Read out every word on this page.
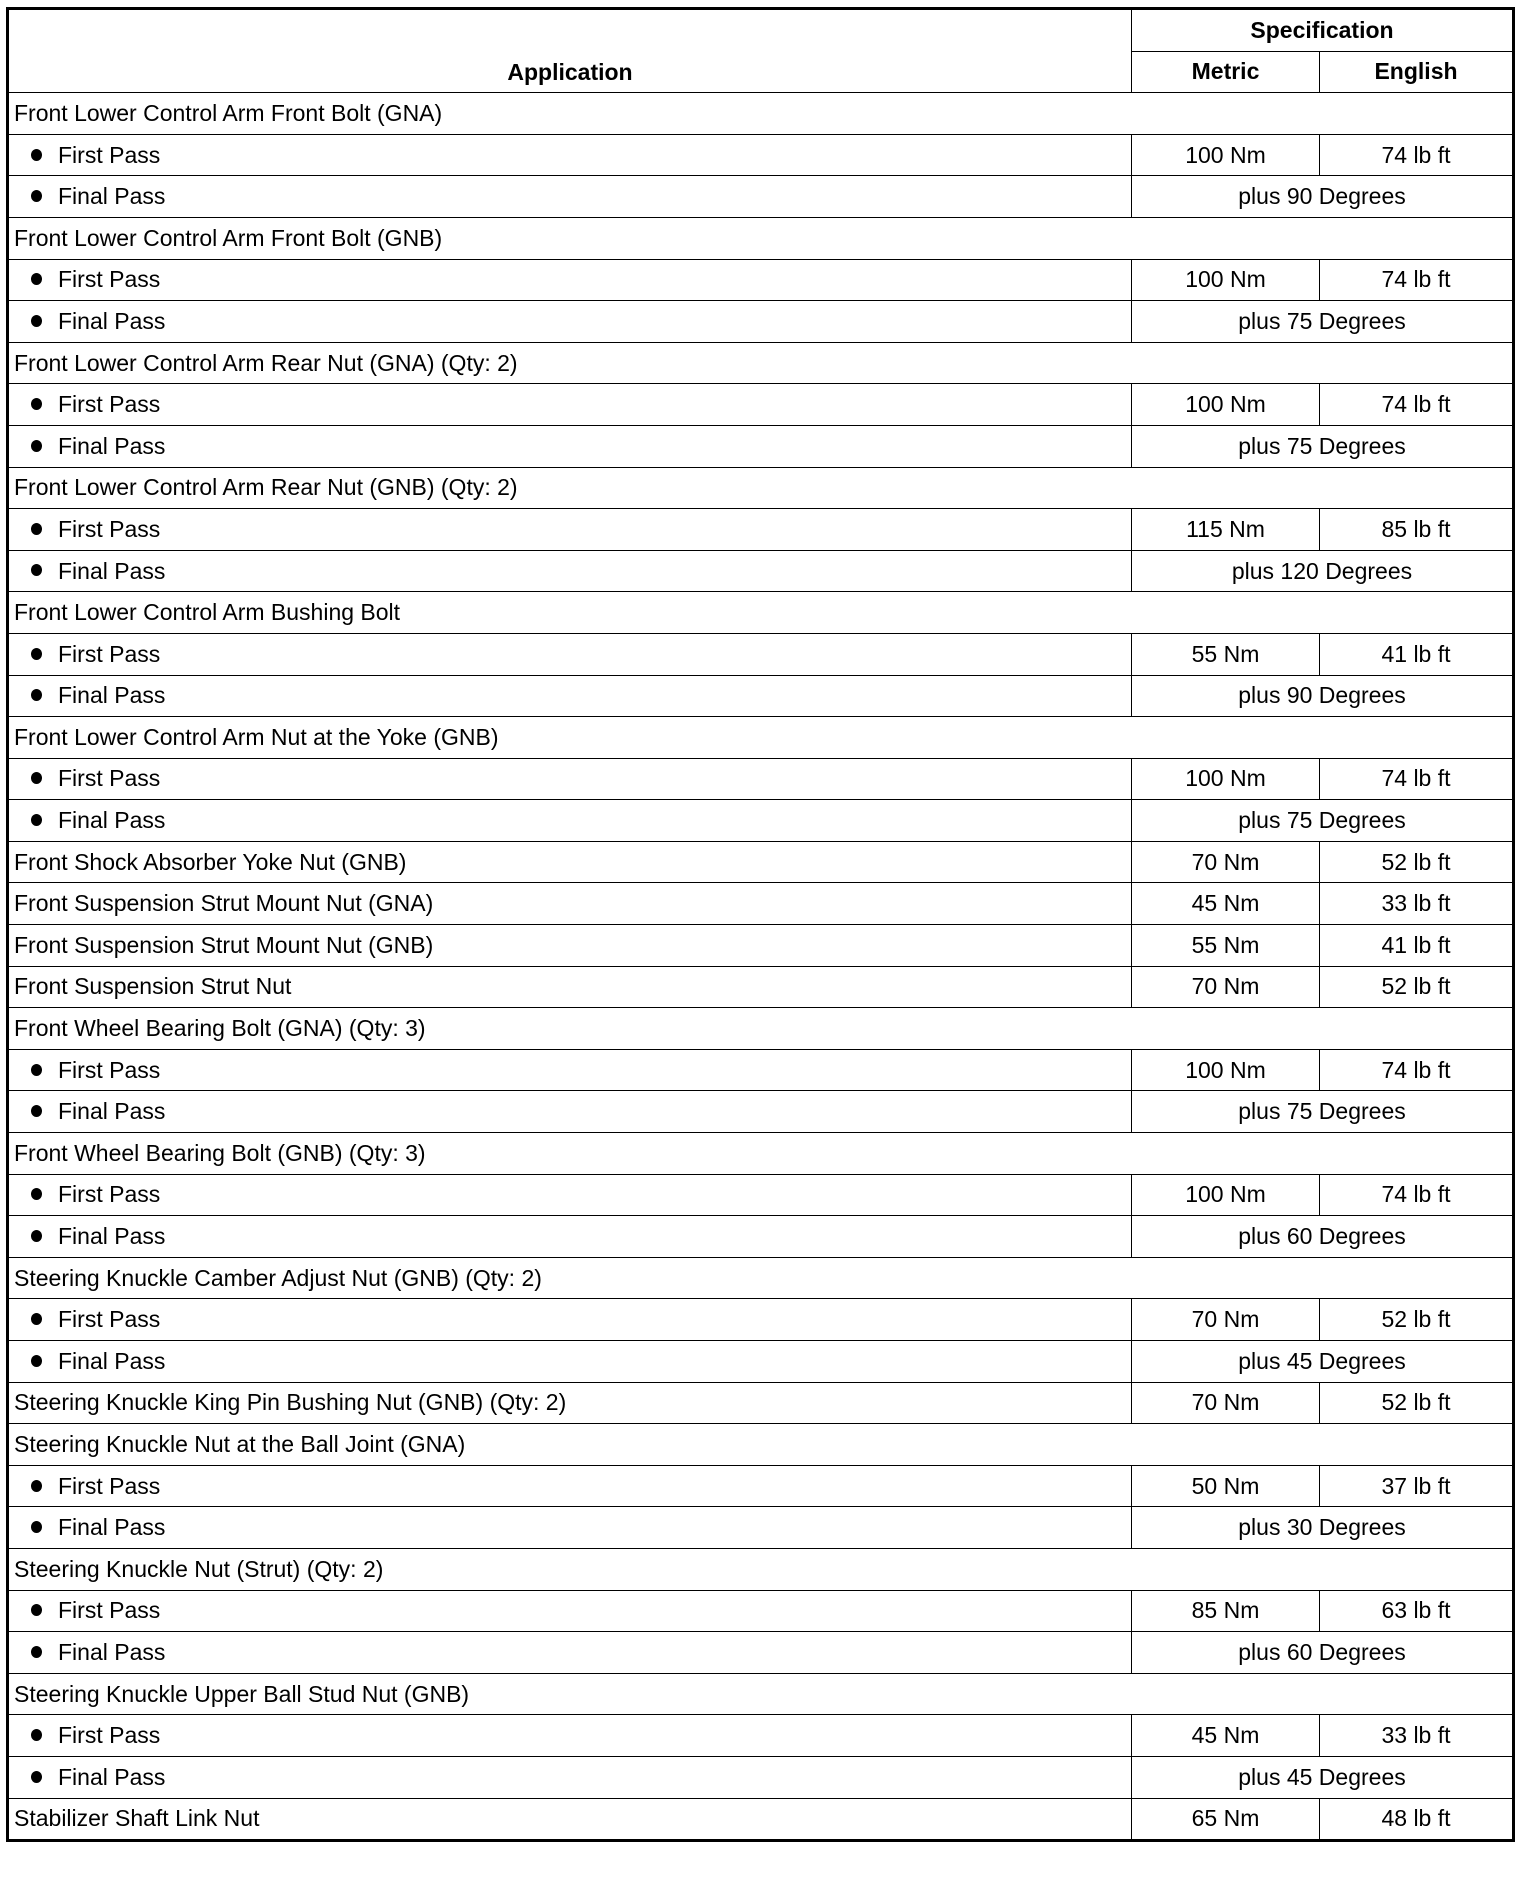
Application	Specification	
	Metric	English
Front Lower Control Arm Front Bolt (GNA)		
First Pass	100 Nm	74 lb ft
Final Pass	plus 90 Degrees	
Front Lower Control Arm Front Bolt (GNB)		
First Pass	100 Nm	74 lb ft
Final Pass	plus 75 Degrees	
Front Lower Control Arm Rear Nut (GNA) (Qty: 2)		
First Pass	100 Nm	74 lb ft
Final Pass	plus 75 Degrees	
Front Lower Control Arm Rear Nut (GNB) (Qty: 2)		
First Pass	115 Nm	85 lb ft
Final Pass	plus 120 Degrees	
Front Lower Control Arm Bushing Bolt		
First Pass	55 Nm	41 lb ft
Final Pass	plus 90 Degrees	
Front Lower Control Arm Nut at the Yoke (GNB)		
First Pass	100 Nm	74 lb ft
Final Pass	plus 75 Degrees	
Front Shock Absorber Yoke Nut (GNB)	70 Nm	52 lb ft
Front Suspension Strut Mount Nut (GNA)	45 Nm	33 lb ft
Front Suspension Strut Mount Nut (GNB)	55 Nm	41 lb ft
Front Suspension Strut Nut	70 Nm	52 lb ft
Front Wheel Bearing Bolt (GNA) (Qty: 3)		
First Pass	100 Nm	74 lb ft
Final Pass	plus 75 Degrees	
Front Wheel Bearing Bolt (GNB) (Qty: 3)		
First Pass	100 Nm	74 lb ft
Final Pass	plus 60 Degrees	
Steering Knuckle Camber Adjust Nut (GNB) (Qty: 2)		
First Pass	70 Nm	52 lb ft
Final Pass	plus 45 Degrees	
Steering Knuckle King Pin Bushing Nut (GNB) (Qty: 2)	70 Nm	52 lb ft
Steering Knuckle Nut at the Ball Joint (GNA)		
First Pass	50 Nm	37 lb ft
Final Pass	plus 30 Degrees	
Steering Knuckle Nut (Strut) (Qty: 2)		
First Pass	85 Nm	63 lb ft
Final Pass	plus 60 Degrees	
Steering Knuckle Upper Ball Stud Nut (GNB)		
First Pass	45 Nm	33 lb ft
Final Pass	plus 45 Degrees	
Stabilizer Shaft Link Nut	65 Nm	48 lb ft
